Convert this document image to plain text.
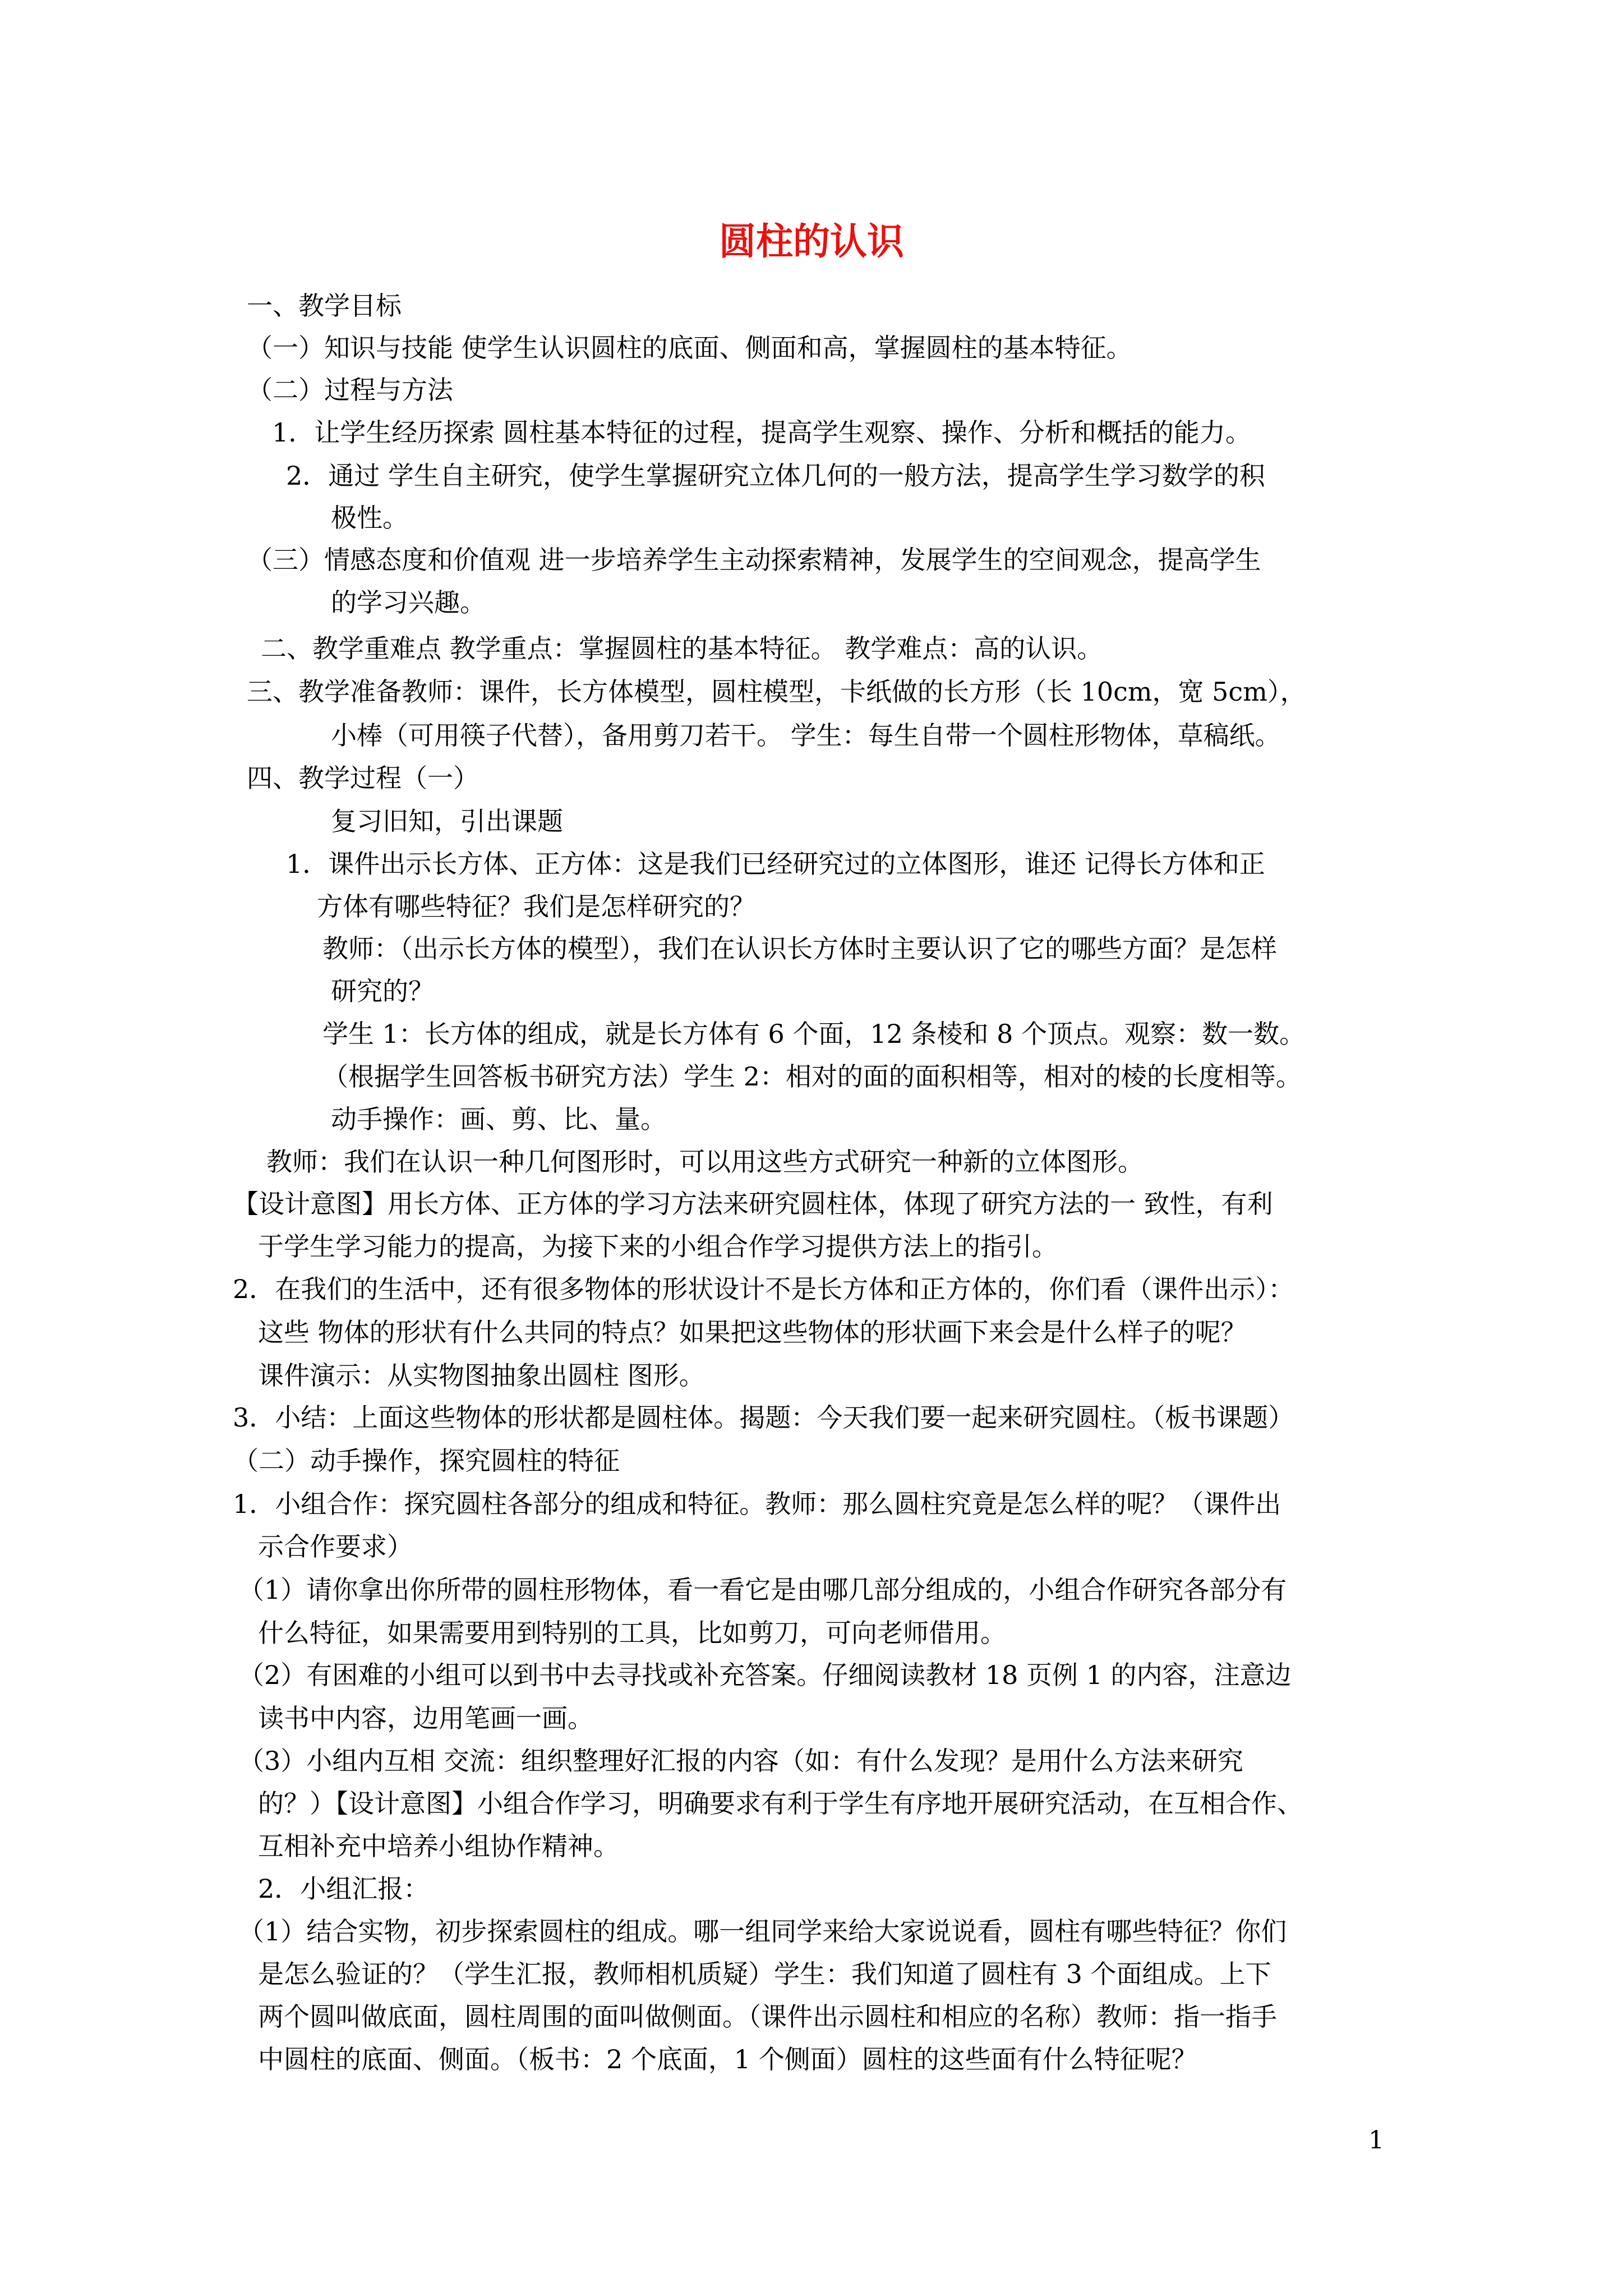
圆柱的认识
一、教学目标
（一）知识与技能 使学生认识圆柱的底面、侧面和高，掌握圆柱的基本特征。
（二）过程与方法
1．让学生经历探索 圆柱基本特征的过程，提高学生观察、操作、分析和概括的能力。
2．通过 学生自主研究，使学生掌握研究立体几何的一般方法，提高学生学习数学的积
极性。
（三）情感态度和价值观 进一步培养学生主动探索精神，发展学生的空间观念，提高学生
的学习兴趣。
二、教学重难点 教学重点：掌握圆柱的基本特征。 教学难点：高的认识。
三、教学准备教师：课件，长方体模型，圆柱模型，卡纸做的长方形（长 10cm，宽 5cm），
小棒（可用筷子代替），备用剪刀若干。 学生：每生自带一个圆柱形物体，草稿纸。
四、教学过程（一）
复习旧知，引出课题
1．课件出示长方体、正方体：这是我们已经研究过的立体图形，谁还 记得长方体和正
方体有哪些特征？我们是怎样研究的？
教师：（出示长方体的模型），我们在认识长方体时主要认识了它的哪些方面？是怎样
研究的？
学生 1：长方体的组成，就是长方体有 6 个面，12 条棱和 8 个顶点。观察：数一数。
（根据学生回答板书研究方法）学生 2：相对的面的面积相等，相对的棱的长度相等。
动手操作：画、剪、比、量。
教师：我们在认识一种几何图形时，可以用这些方式研究一种新的立体图形。
【设计意图】用长方体、正方体的学习方法来研究圆柱体，体现了研究方法的一 致性，有利
于学生学习能力的提高，为接下来的小组合作学习提供方法上的指引。
2．在我们的生活中，还有很多物体的形状设计不是长方体和正方体的，你们看（课件出示）：
这些 物体的形状有什么共同的特点？如果把这些物体的形状画下来会是什么样子的呢？
课件演示：从实物图抽象出圆柱 图形。
3．小结：上面这些物体的形状都是圆柱体。揭题：今天我们要一起来研究圆柱。（板书课题）
（二）动手操作，探究圆柱的特征
1．小组合作：探究圆柱各部分的组成和特征。教师：那么圆柱究竟是怎么样的呢？（课件出
示合作要求）
（1）请你拿出你所带的圆柱形物体，看一看它是由哪几部分组成的，小组合作研究各部分有
什么特征，如果需要用到特别的工具，比如剪刀，可向老师借用。
（2）有困难的小组可以到书中去寻找或补充答案。仔细阅读教材 18 页例 1 的内容，注意边
读书中内容，边用笔画一画。
（3）小组内互相 交流：组织整理好汇报的内容（如：有什么发现？是用什么方法来研究
的？）【设计意图】小组合作学习，明确要求有利于学生有序地开展研究活动，在互相合作、
互相补充中培养小组协作精神。
2．小组汇报：
（1）结合实物，初步探索圆柱的组成。哪一组同学来给大家说说看，圆柱有哪些特征？你们
是怎么验证的？（学生汇报，教师相机质疑）学生：我们知道了圆柱有 3 个面组成。上下
两个圆叫做底面，圆柱周围的面叫做侧面。（课件出示圆柱和相应的名称）教师：指一指手
中圆柱的底面、侧面。（板书：2 个底面，1 个侧面）圆柱的这些面有什么特征呢？
1
